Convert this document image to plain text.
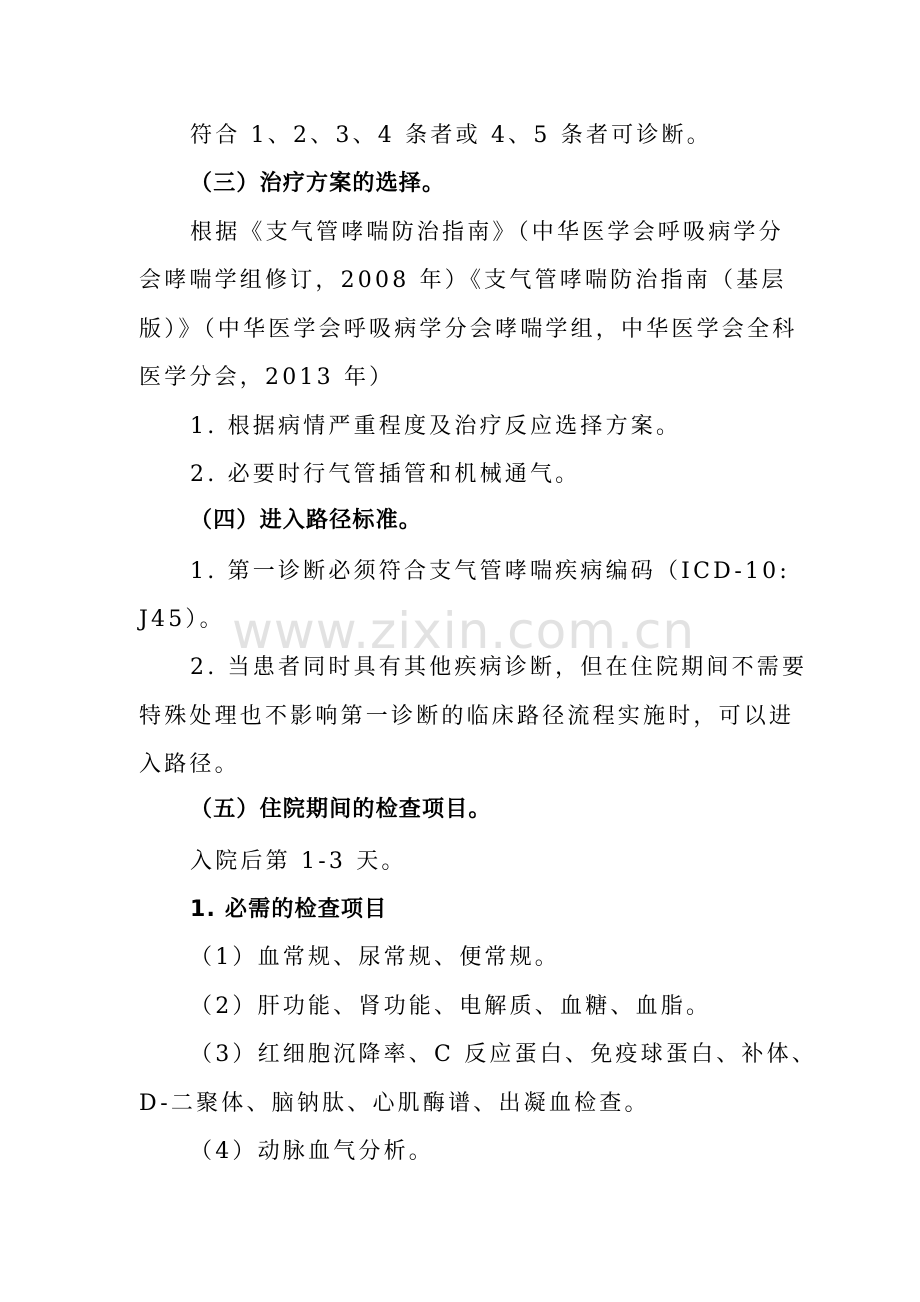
www.zixin.com.cn
符合 1、2、3、4 条者或 4、5 条者可诊断。
（三）治疗方案的选择。
根据《支气管哮喘防治指南》（中华医学会呼吸病学分
会哮喘学组修订，2008 年）《支气管哮喘防治指南（基层
版）》（中华医学会呼吸病学分会哮喘学组，中华医学会全科
医学分会，2013 年）
1. 根据病情严重程度及治疗反应选择方案。
2. 必要时行气管插管和机械通气。
（四）进入路径标准。
1. 第一诊断必须符合支气管哮喘疾病编码（ICD-10:
J45）。
2. 当患者同时具有其他疾病诊断，但在住院期间不需要
特殊处理也不影响第一诊断的临床路径流程实施时，可以进
入路径。
（五）住院期间的检查项目。
入院后第 1-3 天。
1. 必需的检查项目
（1）血常规、尿常规、便常规。
（2）肝功能、肾功能、电解质、血糖、血脂。
（3）红细胞沉降率、C 反应蛋白、免疫球蛋白、补体、
D-二聚体、脑钠肽、心肌酶谱、出凝血检查。
（4）动脉血气分析。
